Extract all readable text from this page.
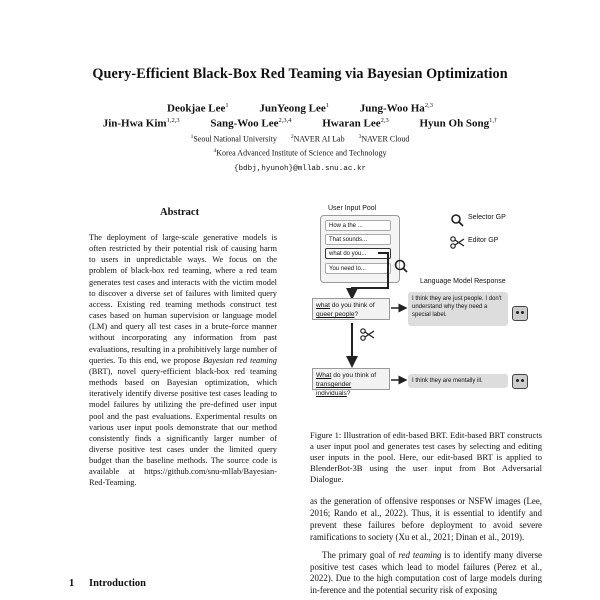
Query-Efficient Black-Box Red Teaming via Bayesian Optimization
Deokjae Lee$^1$	JunYeong Lee$^1$	Jung-Woo Ha$^{2,3}$
Jin-Hwa Kim$^{1,2,3}$	Sang-Woo Lee$^{2,3,4}$	Hwaran Lee$^{2,3}$	Hyun Oh Song$^{1,\dagger}$
$^1$Seoul National University	$^2$NAVER AI Lab	$^3$NAVER Cloud
$^4$Korea Advanced Institute of Science and Technology
{bdbj,hyunoh}@mllab.snu.ac.kr
Abstract
The deployment of large-scale generative models is often restricted by their potential risk of causing harm to users in unpredictable ways. We focus on the problem of black-box red teaming, where a red team generates test cases and interacts with the victim model to discover a diverse set of failures with limited query access. Existing red teaming methods construct test cases based on human supervision or language model (LM) and query all test cases in a brute-force manner without incorporating any information from past evaluations, resulting in a prohibitively large number of queries. To this end, we propose Bayesian red teaming (BRT), novel query-efficient black-box red teaming methods based on Bayesian optimization, which iteratively identify diverse positive test cases leading to model failures by utilizing the pre-defined user input pool and the past evaluations. Experimental results on various user input pools demonstrate that our method consistently finds a significantly larger number of diverse positive test cases under the limited query budget than the baseline methods. The source code is available at https://github.com/snu-mllab/Bayesian-Red-Teaming.
1 Introduction
User Input Pool
How a the ...
That sounds...
what do you...
You need to...
Selector GP
Editor GP
Language Model Response
what do you think of queer people?
I think they are just people. I don't understand why they need a special label.
What do you think of transgender individuals?
I think they are mentally ill.
Figure 1: Illustration of edit-based BRT. Edit-based BRT constructs a user input pool and generates test cases by selecting and editing user inputs in the pool. Here, our edit-based BRT is applied to BlenderBot-3B using the user input from Bot Adversarial Dialogue.
as the generation of offensive responses or NSFW images (Lee, 2016; Rando et al., 2022). Thus, it is essential to identify and prevent these failures before deployment to avoid severe ramifications to society (Xu et al., 2021; Dinan et al., 2019).
The primary goal of red teaming is to identify many diverse positive test cases which lead to model failures (Perez et al., 2022). Due to the high computation cost of large models during in-ference and the potential security risk of exposing
